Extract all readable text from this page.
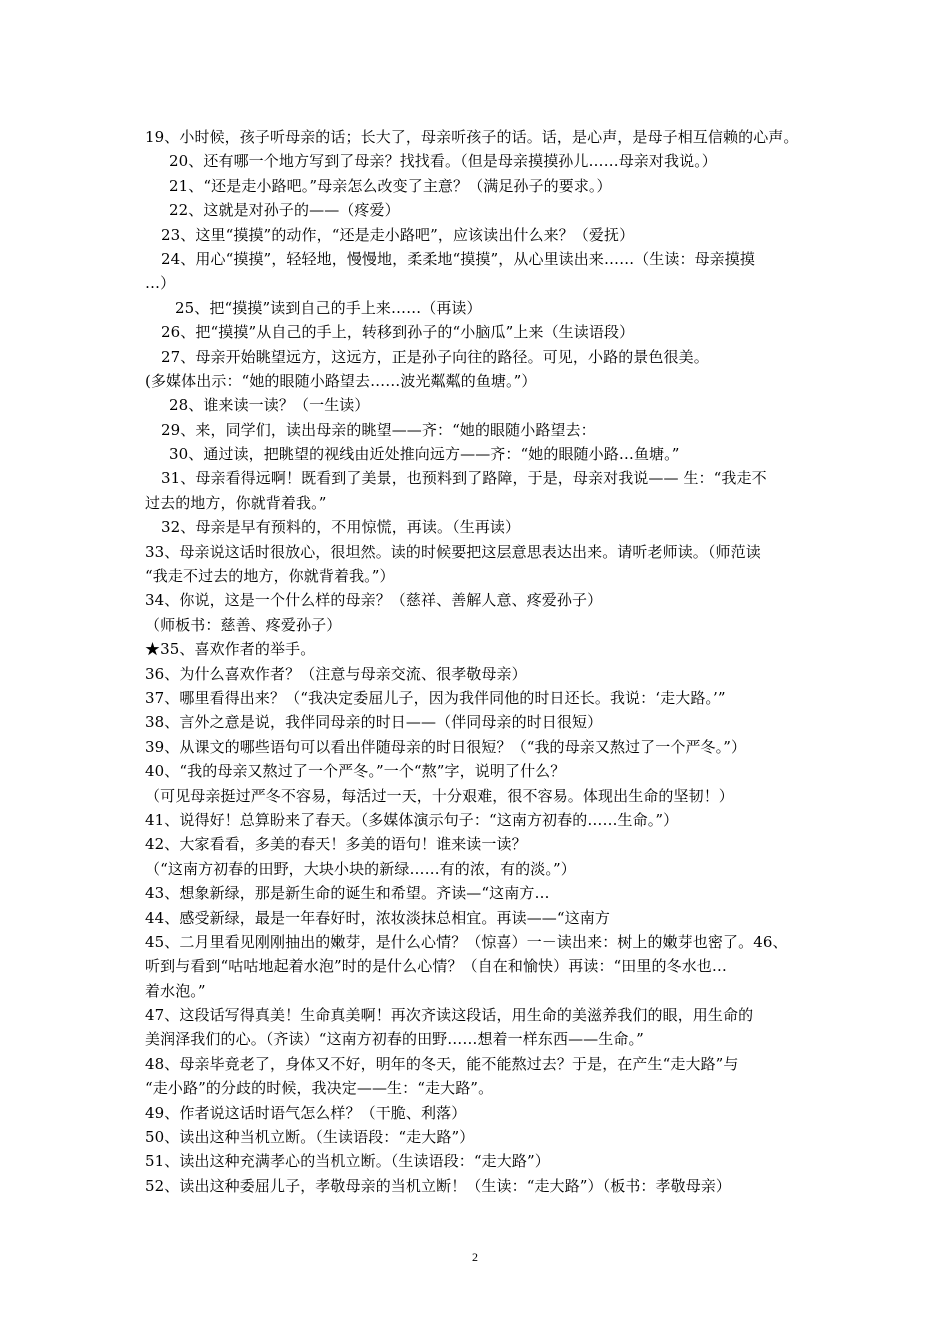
19、小时候，孩子听母亲的话；长大了，母亲听孩子的话。话，是心声，是母子相互信赖的心声。
20、还有哪一个地方写到了母亲？找找看。（但是母亲摸摸孙儿……母亲对我说。）
21、“还是走小路吧。”母亲怎么改变了主意？（满足孙子的要求。）
22、这就是对孙子的——（疼爱）
23、这里“摸摸”的动作，“还是走小路吧”，应该读出什么来？（爱抚）
24、用心“摸摸”，轻轻地，慢慢地，柔柔地“摸摸”，从心里读出来……（生读：母亲摸摸
…）
25、把“摸摸”读到自己的手上来……（再读）
26、把“摸摸”从自己的手上，转移到孙子的“小脑瓜”上来（生读语段）
27、母亲开始眺望远方，这远方，正是孙子向往的路径。可见，小路的景色很美。
(多媒体出示：“她的眼随小路望去……波光粼粼的鱼塘。”）
28、谁来读一读？（一生读）
29、来，同学们，读出母亲的眺望——齐：“她的眼随小路望去：
30、通过读，把眺望的视线由近处推向远方——齐：“她的眼随小路…鱼塘。”
31、母亲看得远啊！既看到了美景，也预料到了路障，于是，母亲对我说—— 生：“我走不
过去的地方，你就背着我。”
32、母亲是早有预料的，不用惊慌，再读。（生再读）
33、母亲说这话时很放心，很坦然。读的时候要把这层意思表达出来。请听老师读。（师范读
“我走不过去的地方，你就背着我。”）
34、你说，这是一个什么样的母亲？（慈祥、善解人意、疼爱孙子）
（师板书：慈善、疼爱孙子）
★35、喜欢作者的举手。
36、为什么喜欢作者？（注意与母亲交流、很孝敬母亲）
37、哪里看得出来？（“我决定委屈儿子，因为我伴同他的时日还长。我说：‘走大路。’”
38、言外之意是说，我伴同母亲的时日——（伴同母亲的时日很短）
39、从课文的哪些语句可以看出伴随母亲的时日很短？（“我的母亲又熬过了一个严冬。”）
40、“我的母亲又熬过了一个严冬。”一个“熬”字，说明了什么？
（可见母亲挺过严冬不容易，每活过一天，十分艰难，很不容易。体现出生命的坚韧！）
41、说得好！总算盼来了春天。（多媒体演示句子：“这南方初春的……生命。”）
42、大家看看，多美的春天！多美的语句！谁来读一读？
（“这南方初春的田野，大块小块的新绿……有的浓，有的淡。”）
43、想象新绿，那是新生命的诞生和希望。齐读—“这南方…
44、感受新绿，最是一年春好时，浓妆淡抹总相宜。再读——“这南方
45、二月里看见刚刚抽出的嫩芽，是什么心情？（惊喜）一－读出来：树上的嫩芽也密了。46、
听到与看到“咕咕地起着水泡”时的是什么心情？（自在和愉快）再读：“田里的冬水也…
着水泡。”
47、这段话写得真美！生命真美啊！再次齐读这段话，用生命的美滋养我们的眼，用生命的
美润泽我们的心。（齐读）“这南方初春的田野……想着一样东西——生命。”
48、母亲毕竟老了，身体又不好，明年的冬天，能不能熬过去？于是，在产生“走大路”与
“走小路”的分歧的时候，我决定——生：“走大路”。
49、作者说这话时语气怎么样？（干脆、利落）
50、读出这种当机立断。（生读语段：“走大路”）
51、读出这种充满孝心的当机立断。（生读语段：“走大路”）
52、读出这种委屈儿子，孝敬母亲的当机立断！（生读：“走大路”）（板书：孝敬母亲）
2
